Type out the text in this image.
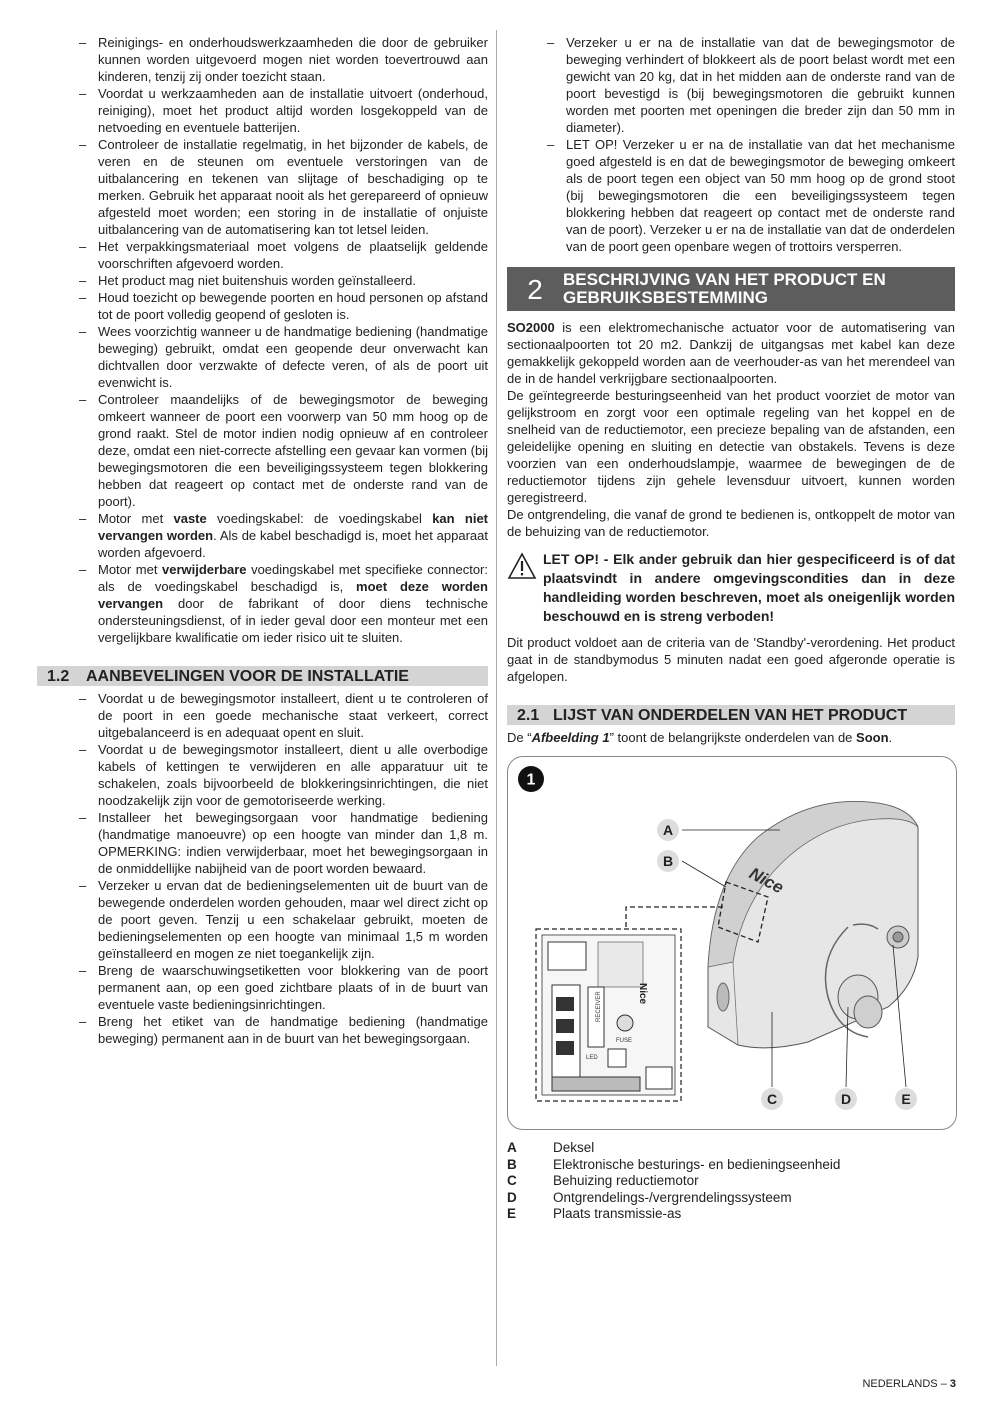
– Reinigings- en onderhoudswerkzaamheden die door de gebruiker kunnen worden uitgevoerd mogen niet worden toevertrouwd aan kinderen, tenzij zij onder toezicht staan.
– Voordat u werkzaamheden aan de installatie uitvoert (onderhoud, reiniging), moet het product altijd worden losgekoppeld van de netvoeding en eventuele batterijen.
– Controleer de installatie regelmatig, in het bijzonder de kabels, de veren en de steunen om eventuele verstoringen van de uitbalancering en tekenen van slijtage of beschadiging op te merken. Gebruik het apparaat nooit als het gerepareerd of opnieuw afgesteld moet worden; een storing in de installatie of onjuiste uitbalancering van de automatisering kan tot letsel leiden.
– Het verpakkingsmateriaal moet volgens de plaatselijk geldende voorschriften afgevoerd worden.
– Het product mag niet buitenshuis worden geïnstalleerd.
– Houd toezicht op bewegende poorten en houd personen op afstand tot de poort volledig geopend of gesloten is.
– Wees voorzichtig wanneer u de handmatige bediening (handmatige beweging) gebruikt, omdat een geopende deur onverwacht kan dichtvallen door verzwakte of defecte veren, of als de poort uit evenwicht is.
– Controleer maandelijks of de bewegingsmotor de beweging omkeert wanneer de poort een voorwerp van 50 mm hoog op de grond raakt. Stel de motor indien nodig opnieuw af en controleer deze, omdat een niet-correcte afstelling een gevaar kan vormen (bij bewegingsmotoren die een beveiligingssysteem tegen blokkering hebben dat reageert op contact met de onderste rand van de poort).
– Motor met vaste voedingskabel: de voedingskabel kan niet vervangen worden. Als de kabel beschadigd is, moet het apparaat worden afgevoerd.
– Motor met verwijderbare voedingskabel met specifieke connector: als de voedingskabel beschadigd is, moet deze worden vervangen door de fabrikant of door diens technische ondersteuningsdienst, of in ieder geval door een monteur met een vergelijkbare kwalificatie om ieder risico uit te sluiten.
1.2	AANBEVELINGEN VOOR DE INSTALLATIE
– Voordat u de bewegingsmotor installeert, dient u te controleren of de poort in een goede mechanische staat verkeert, correct uitgebalanceerd is en adequaat opent en sluit.
– Voordat u de bewegingsmotor installeert, dient u alle overbodige kabels of kettingen te verwijderen en alle apparatuur uit te schakelen, zoals bijvoorbeeld de blokkeringsinrichtingen, die niet noodzakelijk zijn voor de gemotoriseerde werking.
– Installeer het bewegingsorgaan voor handmatige bediening (handmatige manoeuvre) op een hoogte van minder dan 1,8 m. OPMERKING: indien verwijderbaar, moet het bewegingsorgaan in de onmiddellijke nabijheid van de poort worden bewaard.
– Verzeker u ervan dat de bedieningselementen uit de buurt van de bewegende onderdelen worden gehouden, maar wel direct zicht op de poort geven. Tenzij u een schakelaar gebruikt, moeten de bedieningselementen op een hoogte van minimaal 1,5 m worden geïnstalleerd en mogen ze niet toegankelijk zijn.
– Breng de waarschuwingsetiketten voor blokkering van de poort permanent aan, op een goed zichtbare plaats of in de buurt van eventuele vaste bedieningsinrichtingen.
– Breng het etiket van de handmatige bediening (handmatige beweging) permanent aan in de buurt van het bewegingsorgaan.
– Verzeker u er na de installatie van dat de bewegingsmotor de beweging verhindert of blokkeert als de poort belast wordt met een gewicht van 20 kg, dat in het midden aan de onderste rand van de poort bevestigd is (bij bewegingsmotoren die gebruikt kunnen worden met poorten met openingen die breder zijn dan 50 mm in diameter).
– LET OP! Verzeker u er na de installatie van dat het mechanisme goed afgesteld is en dat de bewegingsmotor de beweging omkeert als de poort tegen een object van 50 mm hoog op de grond stoot (bij bewegingsmotoren die een beveiligingssysteem tegen blokkering hebben dat reageert op contact met de onderste rand van de poort). Verzeker u er na de installatie van dat de onderdelen van de poort geen openbare wegen of trottoirs versperren.
2	BESCHRIJVING VAN HET PRODUCT EN
GEBRUIKSBESTEMMING

SO2000 is een elektromechanische actuator voor de automatisering van sectionaalpoorten tot 20 m2. Dankzij de uitgangsas met kabel kan deze gemakkelijk gekoppeld worden aan de veerhouder-as van het merendeel van de in de handel verkrijgbare sectionaalpoorten.

De geïntegreerde besturingseenheid van het product voorziet de motor van gelijkstroom en zorgt voor een optimale regeling van het koppel en de snelheid van de reductiemotor, een precieze bepaling van de afstanden, een geleidelijke opening en sluiting en detectie van obstakels. Tevens is deze voorzien van een onderhoudslampje, waarmee de bewegingen de de reductiemotor tijdens zijn gehele levensduur uitvoert, kunnen worden geregistreerd.

De ontgrendeling, die vanaf de grond te bedienen is, ontkoppelt de motor van de behuizing van de reductiemotor.

LET OP! - Elk ander gebruik dan hier gespecificeerd is of dat plaatsvindt in andere omgevingscondities dan in deze handleiding worden beschreven, moet als oneigenlijk worden beschouwd en is streng verboden!

Dit product voldoet aan de criteria van de 'Standby'-verordening. Het product gaat in de standbymodus 5 minuten nadat een goed afgeronde operatie is afgelopen.

2.1 LIJST VAN ONDERDELEN VAN HET PRODUCT

De “Afbeelding 1” toont de belangrijkste onderdelen van de Soon.

1
Nice
RECEIVER
FUSE
LED
Nice
A
B
C	D	E
A	Deksel
B	Elektronische besturings- en bedieningseenheid
C	Behuizing reductiemotor
D	Ontgrendelings-/vergrendelingssysteem
E	Plaats transmissie-as
NEDERLANDS – 3
